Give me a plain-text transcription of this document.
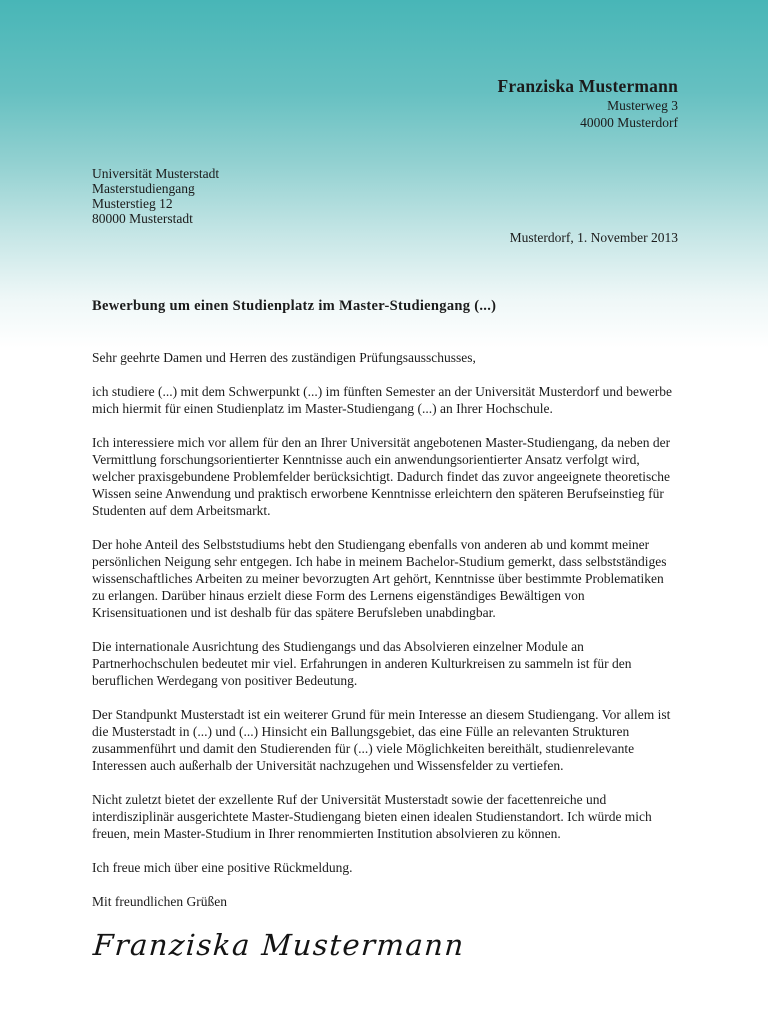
Franziska Mustermann
Musterweg 3
40000 Musterdorf
Universität Musterstadt
Masterstudiengang
Musterstieg 12
80000 Musterstadt
Musterdorf, 1. November 2013
Bewerbung um einen Studienplatz im Master-Studiengang (...)

Sehr geehrte Damen und Herren des zuständigen Prüfungsausschusses,

ich studiere (...) mit dem Schwerpunkt (...) im fünften Semester an der Universität Musterdorf und bewerbe mich hiermit für einen Studienplatz im Master-Studiengang (...) an Ihrer Hochschule.

Ich interessiere mich vor allem für den an Ihrer Universität angebotenen Master-Studiengang, da neben der Vermittlung forschungsorientierter Kenntnisse auch ein anwendungsorientierter Ansatz verfolgt wird, welcher praxisgebundene Problemfelder berücksichtigt. Dadurch findet das zuvor angeeignete theoretische Wissen seine Anwendung und praktisch erworbene Kenntnisse erleichtern den späteren Berufseinstieg für Studenten auf dem Arbeitsmarkt.

Der hohe Anteil des Selbststudiums hebt den Studiengang ebenfalls von anderen ab und kommt meiner persönlichen Neigung sehr entgegen. Ich habe in meinem Bachelor-Studium gemerkt, dass selbstständiges wissenschaftliches Arbeiten zu meiner bevorzugten Art gehört, Kenntnisse über bestimmte Problematiken zu erlangen. Darüber hinaus erzielt diese Form des Lernens eigenständiges Bewältigen von Krisensituationen und ist deshalb für das spätere Berufsleben unabdingbar.

Die internationale Ausrichtung des Studiengangs und das Absolvieren einzelner Module an Partnerhochschulen bedeutet mir viel. Erfahrungen in anderen Kulturkreisen zu sammeln ist für den beruflichen Werdegang von positiver Bedeutung.

Der Standpunkt Musterstadt ist ein weiterer Grund für mein Interesse an diesem Studiengang. Vor allem ist die Musterstadt in (...) und (...) Hinsicht ein Ballungsgebiet, das eine Fülle an relevanten Strukturen zusammenführt und damit den Studierenden für (...) viele Möglichkeiten bereithält, studienrelevante Interessen auch außerhalb der Universität nachzugehen und Wissensfelder zu vertiefen.

Nicht zuletzt bietet der exzellente Ruf der Universität Musterstadt sowie der facettenreiche und interdisziplinär ausgerichtete Master-Studiengang bieten einen idealen Studienstandort. Ich würde mich freuen, mein Master-Studium in Ihrer renommierten Institution absolvieren zu können.

Ich freue mich über eine positive Rückmeldung.

Mit freundlichen Grüßen

Franziska Mustermann
